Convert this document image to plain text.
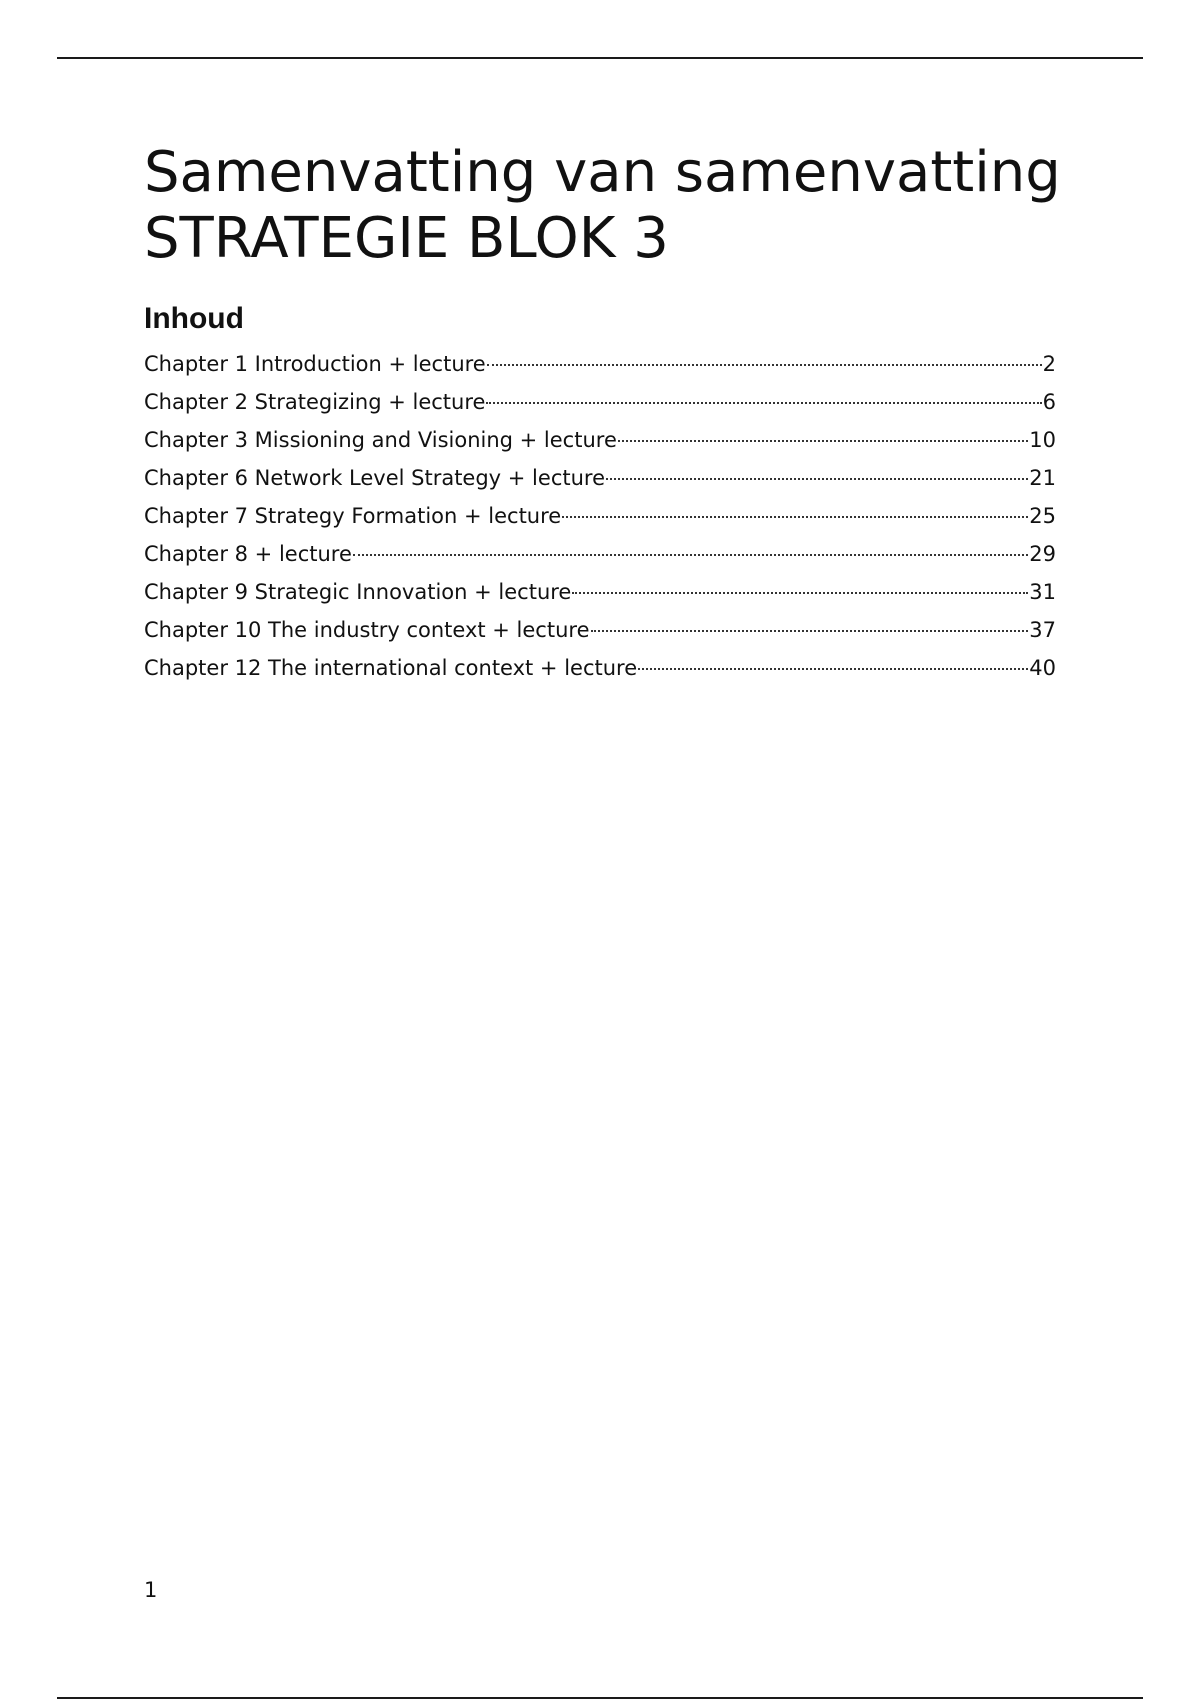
Samenvatting van samenvatting
STRATEGIE BLOK 3
Inhoud
Chapter 1 Introduction + lecture	2
Chapter 2 Strategizing + lecture	6
Chapter 3 Missioning and Visioning + lecture	10
Chapter 6 Network Level Strategy + lecture	21
Chapter 7 Strategy Formation + lecture	25
Chapter 8 + lecture	29
Chapter 9 Strategic Innovation + lecture	31
Chapter 10 The industry context + lecture	37
Chapter 12 The international context + lecture	40
1
